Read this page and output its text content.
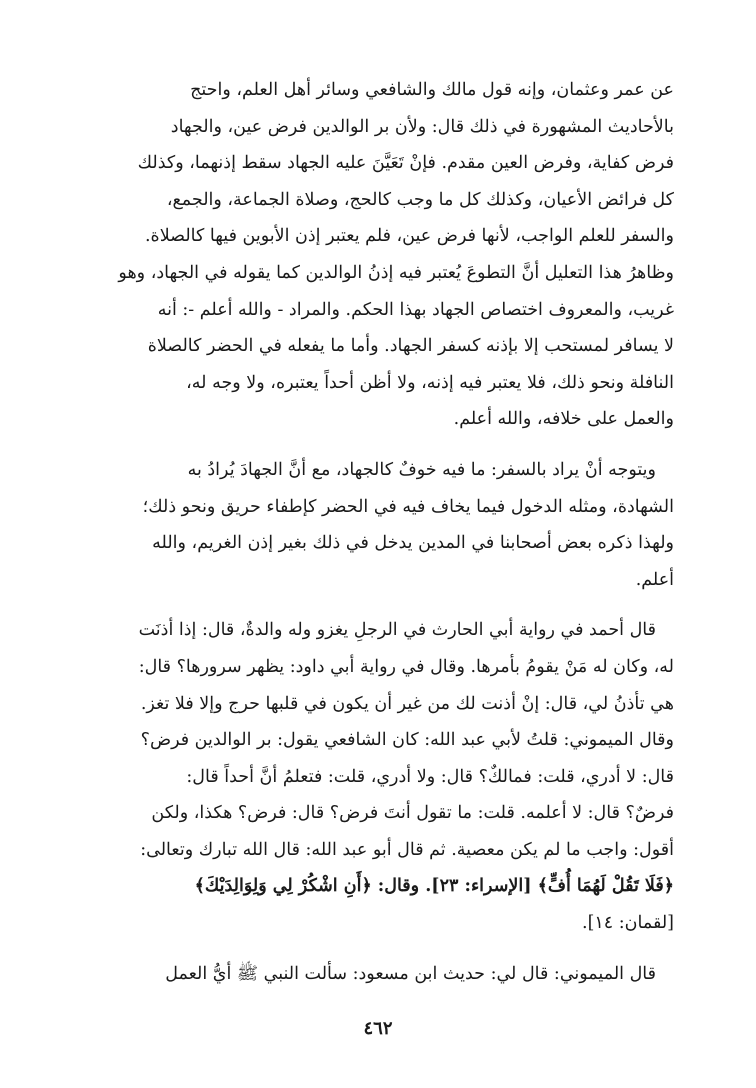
عن عمر وعثمان، وإنه قول مالك والشافعي وسائر أهل العلم، واحتج
بالأحاديث المشهورة في ذلك قال: ولأن بر الوالدين فرض عين، والجهاد
فرض كفاية، وفرض العين مقدم. فإنْ تَعَيَّنَ عليه الجهاد سقط إذنهما، وكذلك
كل فرائض الأعيان، وكذلك كل ما وجب كالحج، وصلاة الجماعة، والجمع،
والسفر للعلم الواجب، لأنها فرض عين، فلم يعتبر إذن الأبوين فيها كالصلاة.
وظاهرُ هذا التعليل أنَّ التطوعَ يُعتبر فيه إذنُ الوالدين كما يقوله في الجهاد، وهو
غريب، والمعروف اختصاص الجهاد بهذا الحكم. والمراد - والله أعلم -: أنه
لا يسافر لمستحب إلا بإذنه كسفر الجهاد. وأما ما يفعله في الحضر كالصلاة
النافلة ونحو ذلك، فلا يعتبر فيه إذنه، ولا أظن أحداً يعتبره، ولا وجه له،
والعمل على خلافه، والله أعلم.

ويتوجه أنْ يراد بالسفر: ما فيه خوفٌ كالجهاد، مع أنَّ الجهادَ يُرادُ به
الشهادة، ومثله الدخول فيما يخاف فيه في الحضر كإطفاء حريق ونحو ذلك؛
ولهذا ذكره بعض أصحابنا في المدين يدخل في ذلك بغير إذن الغريم، والله
أعلم.

قال أحمد في رواية أبي الحارث في الرجلِ يغزو وله والدةٌ، قال: إذا أذنَت
له، وكان له مَنْ يقومُ بأمرها. وقال في رواية أبي داود: يظهر سرورها؟ قال:
هي تأذنُ لي، قال: إنْ أذنت لك من غير أن يكون في قلبها حرج وإلا فلا تغز.
وقال الميموني: قلتُ لأبي عبد الله: كان الشافعي يقول: بر الوالدين فرض؟
قال: لا أدري، قلت: فمالكٌ؟ قال: ولا أدري، قلت: فتعلمُ أنَّ أحداً قال:
فرضٌ؟ قال: لا أعلمه. قلت: ما تقول أنتَ فرض؟ قال: فرض؟ هكذا، ولكن
أقول: واجب ما لم يكن معصية. ثم قال أبو عبد الله: قال الله تبارك وتعالى:
﴿فَلَا تَقُلْ لَهُمَا أُفٍّ﴾ [الإسراء: ٢٣]. وقال: ﴿أَنِ اشْكُرْ لِي وَلِوَالِدَيْكَ﴾
[لقمان: ١٤].

قال الميموني: قال لي: حديث ابن مسعود: سألت النبي ﷺ أيُّ العمل

٤٦٢
